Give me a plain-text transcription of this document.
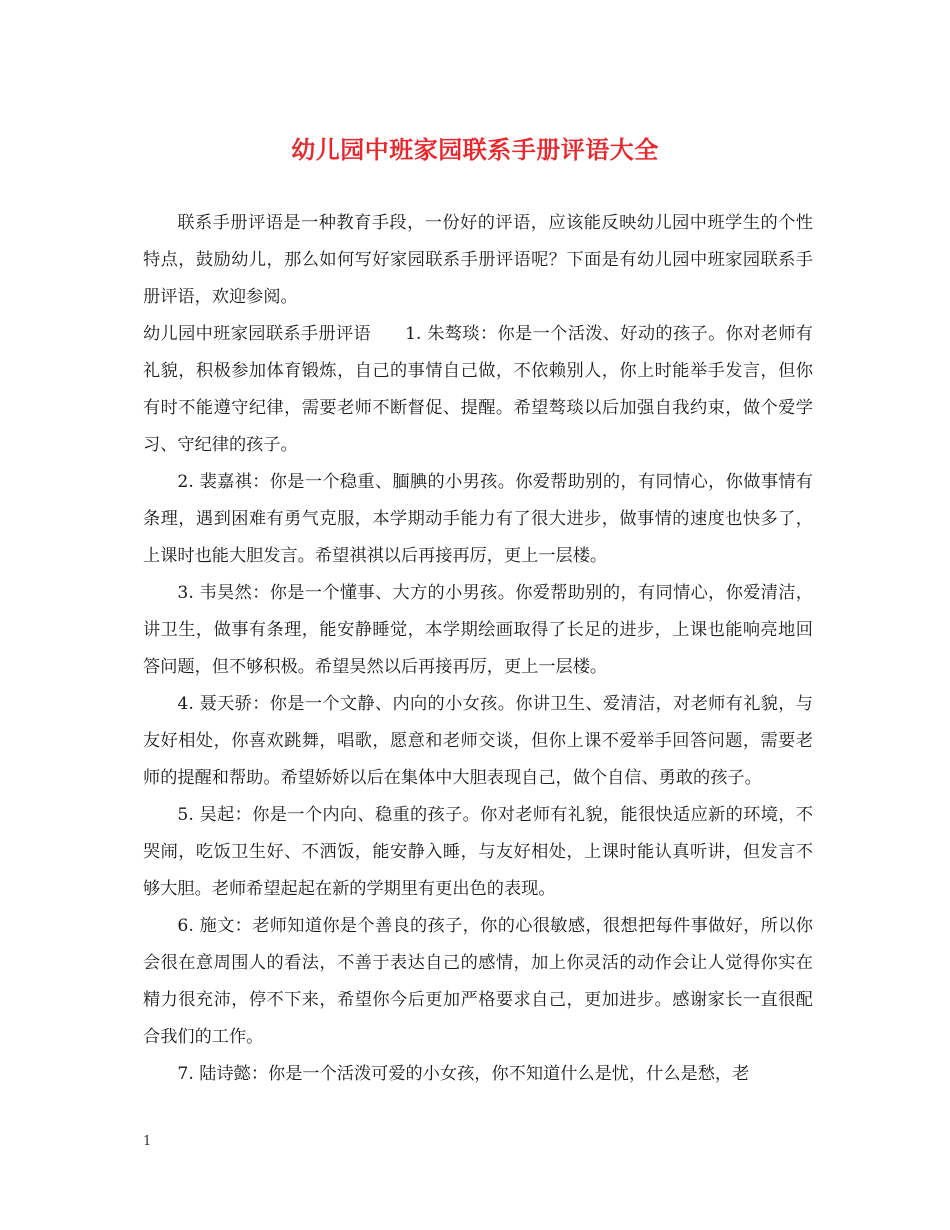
幼儿园中班家园联系手册评语大全

联系手册评语是一种教育手段，一份好的评语，应该能反映幼儿园中班学生的个性特点，鼓励幼儿，那么如何写好家园联系手册评语呢？下面是有幼儿园中班家园联系手册评语，欢迎参阅。

幼儿园中班家园联系手册评语 1. 朱骜琰：你是一个活泼、好动的孩子。你对老师有礼貌，积极参加体育锻炼，自己的事情自己做，不依赖别人，你上时能举手发言，但你有时不能遵守纪律，需要老师不断督促、提醒。希望骜琰以后加强自我约束，做个爱学习、守纪律的孩子。

2. 裴嘉祺：你是一个稳重、腼腆的小男孩。你爱帮助别的，有同情心，你做事情有条理，遇到困难有勇气克服，本学期动手能力有了很大进步，做事情的速度也快多了，上课时也能大胆发言。希望祺祺以后再接再厉，更上一层楼。

3. 韦昊然：你是一个懂事、大方的小男孩。你爱帮助别的，有同情心，你爱清洁，讲卫生，做事有条理，能安静睡觉，本学期绘画取得了长足的进步，上课也能响亮地回答问题，但不够积极。希望昊然以后再接再厉，更上一层楼。

4. 聂天骄：你是一个文静、内向的小女孩。你讲卫生、爱清洁，对老师有礼貌，与友好相处，你喜欢跳舞，唱歌，愿意和老师交谈，但你上课不爱举手回答问题，需要老师的提醒和帮助。希望娇娇以后在集体中大胆表现自己，做个自信、勇敢的孩子。

5. 吴起：你是一个内向、稳重的孩子。你对老师有礼貌，能很快适应新的环境，不哭闹，吃饭卫生好、不洒饭，能安静入睡，与友好相处，上课时能认真听讲，但发言不够大胆。老师希望起起在新的学期里有更出色的表现。

6. 施文：老师知道你是个善良的孩子，你的心很敏感，很想把每件事做好，所以你会很在意周围人的看法，不善于表达自己的感情，加上你灵活的动作会让人觉得你实在精力很充沛，停不下来，希望你今后更加严格要求自己，更加进步。感谢家长一直很配合我们的工作。

7. 陆诗懿：你是一个活泼可爱的小女孩，你不知道什么是忧，什么是愁，老

1
